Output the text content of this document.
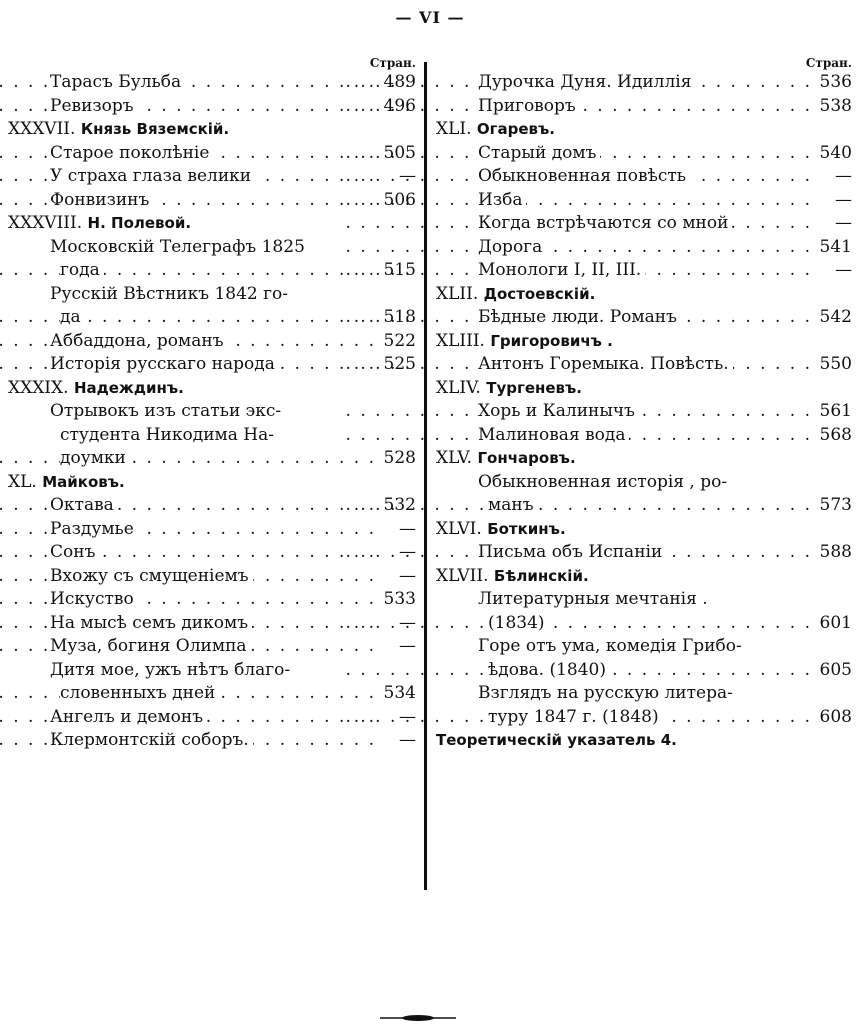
— VI —
Стран.
Тарасъ Бульба	489
. . .
Ревизоръ	496
. . .
XXXVII. Князь Вяземскій.
Старое поколѣніе	505
. . .
У страха глаза велики	—
. . .
Фонвизинъ	506
. . .
XXXVIII. Н. Полевой.
Московскій Телеграфъ 1825
года	515
. . .
Русскій Вѣстникъ 1842 го-
да	518
. . .
Аббаддона, романъ	522
. . .
Исторія русскаго народа	525
. . .
XXXIX. Надеждинъ.
Отрывокъ изъ статьи экс-
студента Никодима На-
доумки	528
. . .
XL. Майковъ.
Октава	532
. . .
Раздумье	—
. . .
Сонъ	—
. . .
Вхожу съ смущеніемъ	—
. . .
Искуство	533
. . .
На мысѣ семъ дикомъ	—
. . .
Муза, богиня Олимпа	—
. . .
Дитя мое, ужъ нѣтъ благо-
словенныхъ дней	534
. . .
Ангелъ и демонъ	—
. . .
Клермонтскій соборъ.	—
. . .
Стран.
Дурочка Дуня. Идиллія	536
. . .
Приговоръ	538
. . .
XLI. Огаревъ.
Старый домъ	540
. . .
Обыкновенная повѣсть	—
. . .
Изба	—
. . .
Когда встрѣчаются со мной	—
. . .
Дорога	541
. . .
Монологи I, II, III.	—
. . .
XLII. Достоевскій.
Бѣдные люди. Романъ	542
. . .
XLIII. Григоровичъ .
Антонъ Горемыка. Повѣсть.	550
. . .
XLIV. Тургеневъ.
Хорь и Калинычъ	561
. . .
Малиновая вода	568
. . .
XLV. Гончаровъ.
Обыкновенная исторія , ро-
манъ	573
. . .
XLVI. Боткинъ.
Письма объ Испаніи	588
. . .
XLVII. Бѣлинскій.
Литературныя мечтанія .
(1834)	601
. . .
Горе отъ ума, комедія Грибо-
ѣдова. (1840)	605
. . .
Взглядъ на русскую литера-
туру 1847 г. (1848)	608
. . .
Теоретическій указатель 4.
